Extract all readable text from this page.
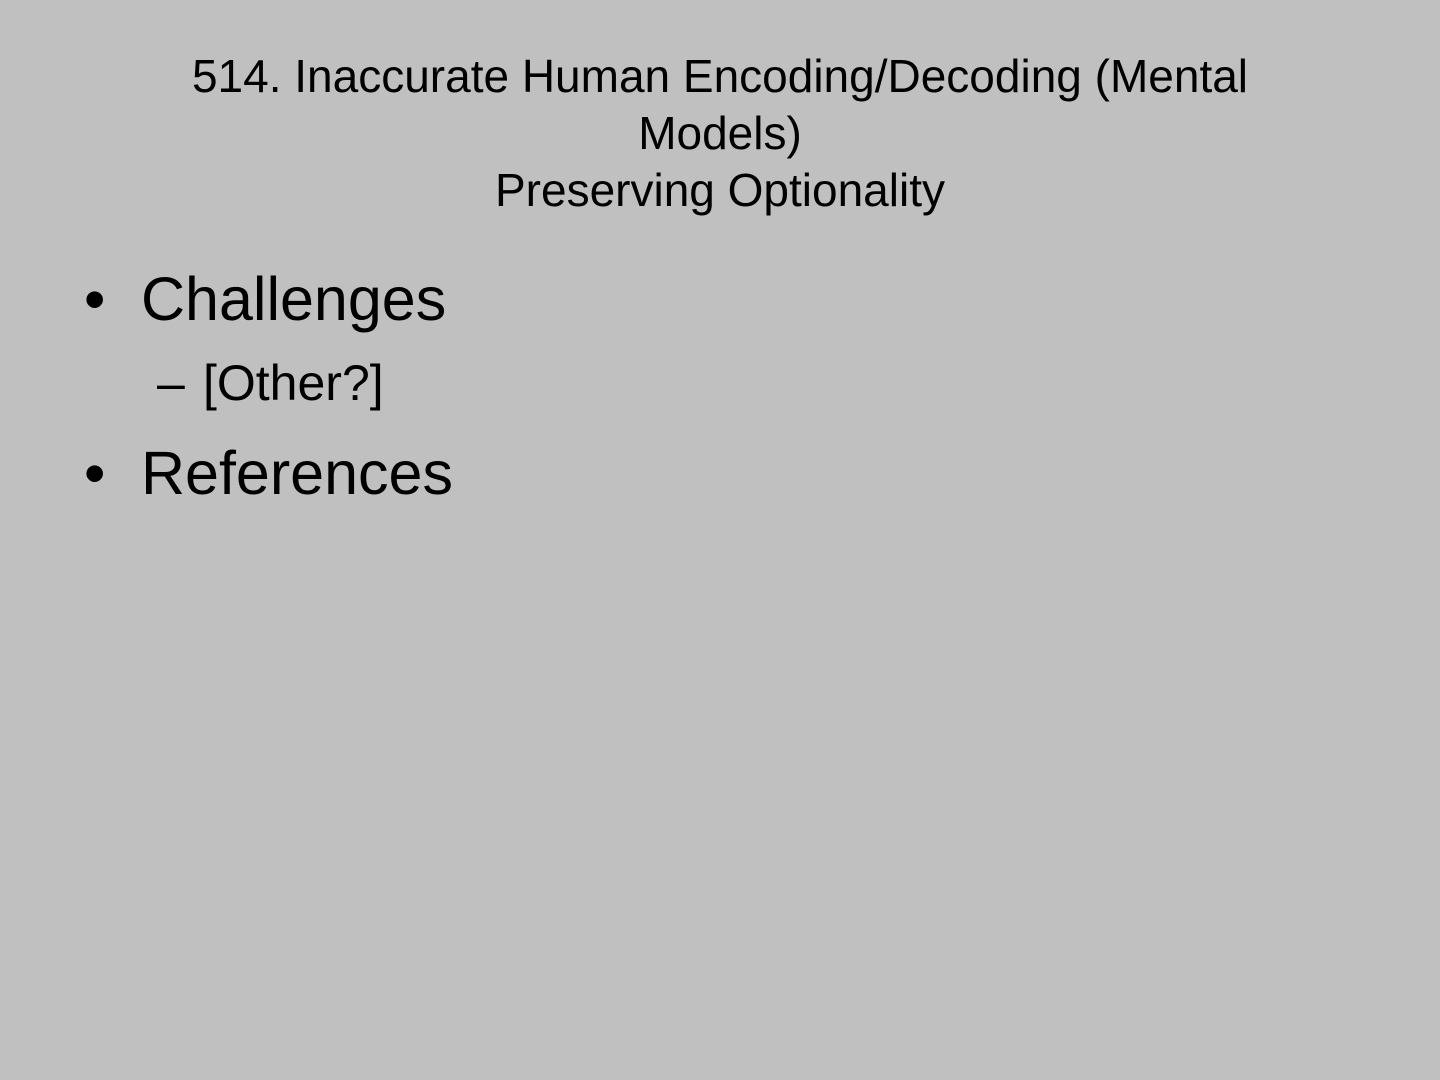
514. Inaccurate Human Encoding/Decoding (Mental
Models)
Preserving Optionality
• Challenges
– [Other?]
• References
